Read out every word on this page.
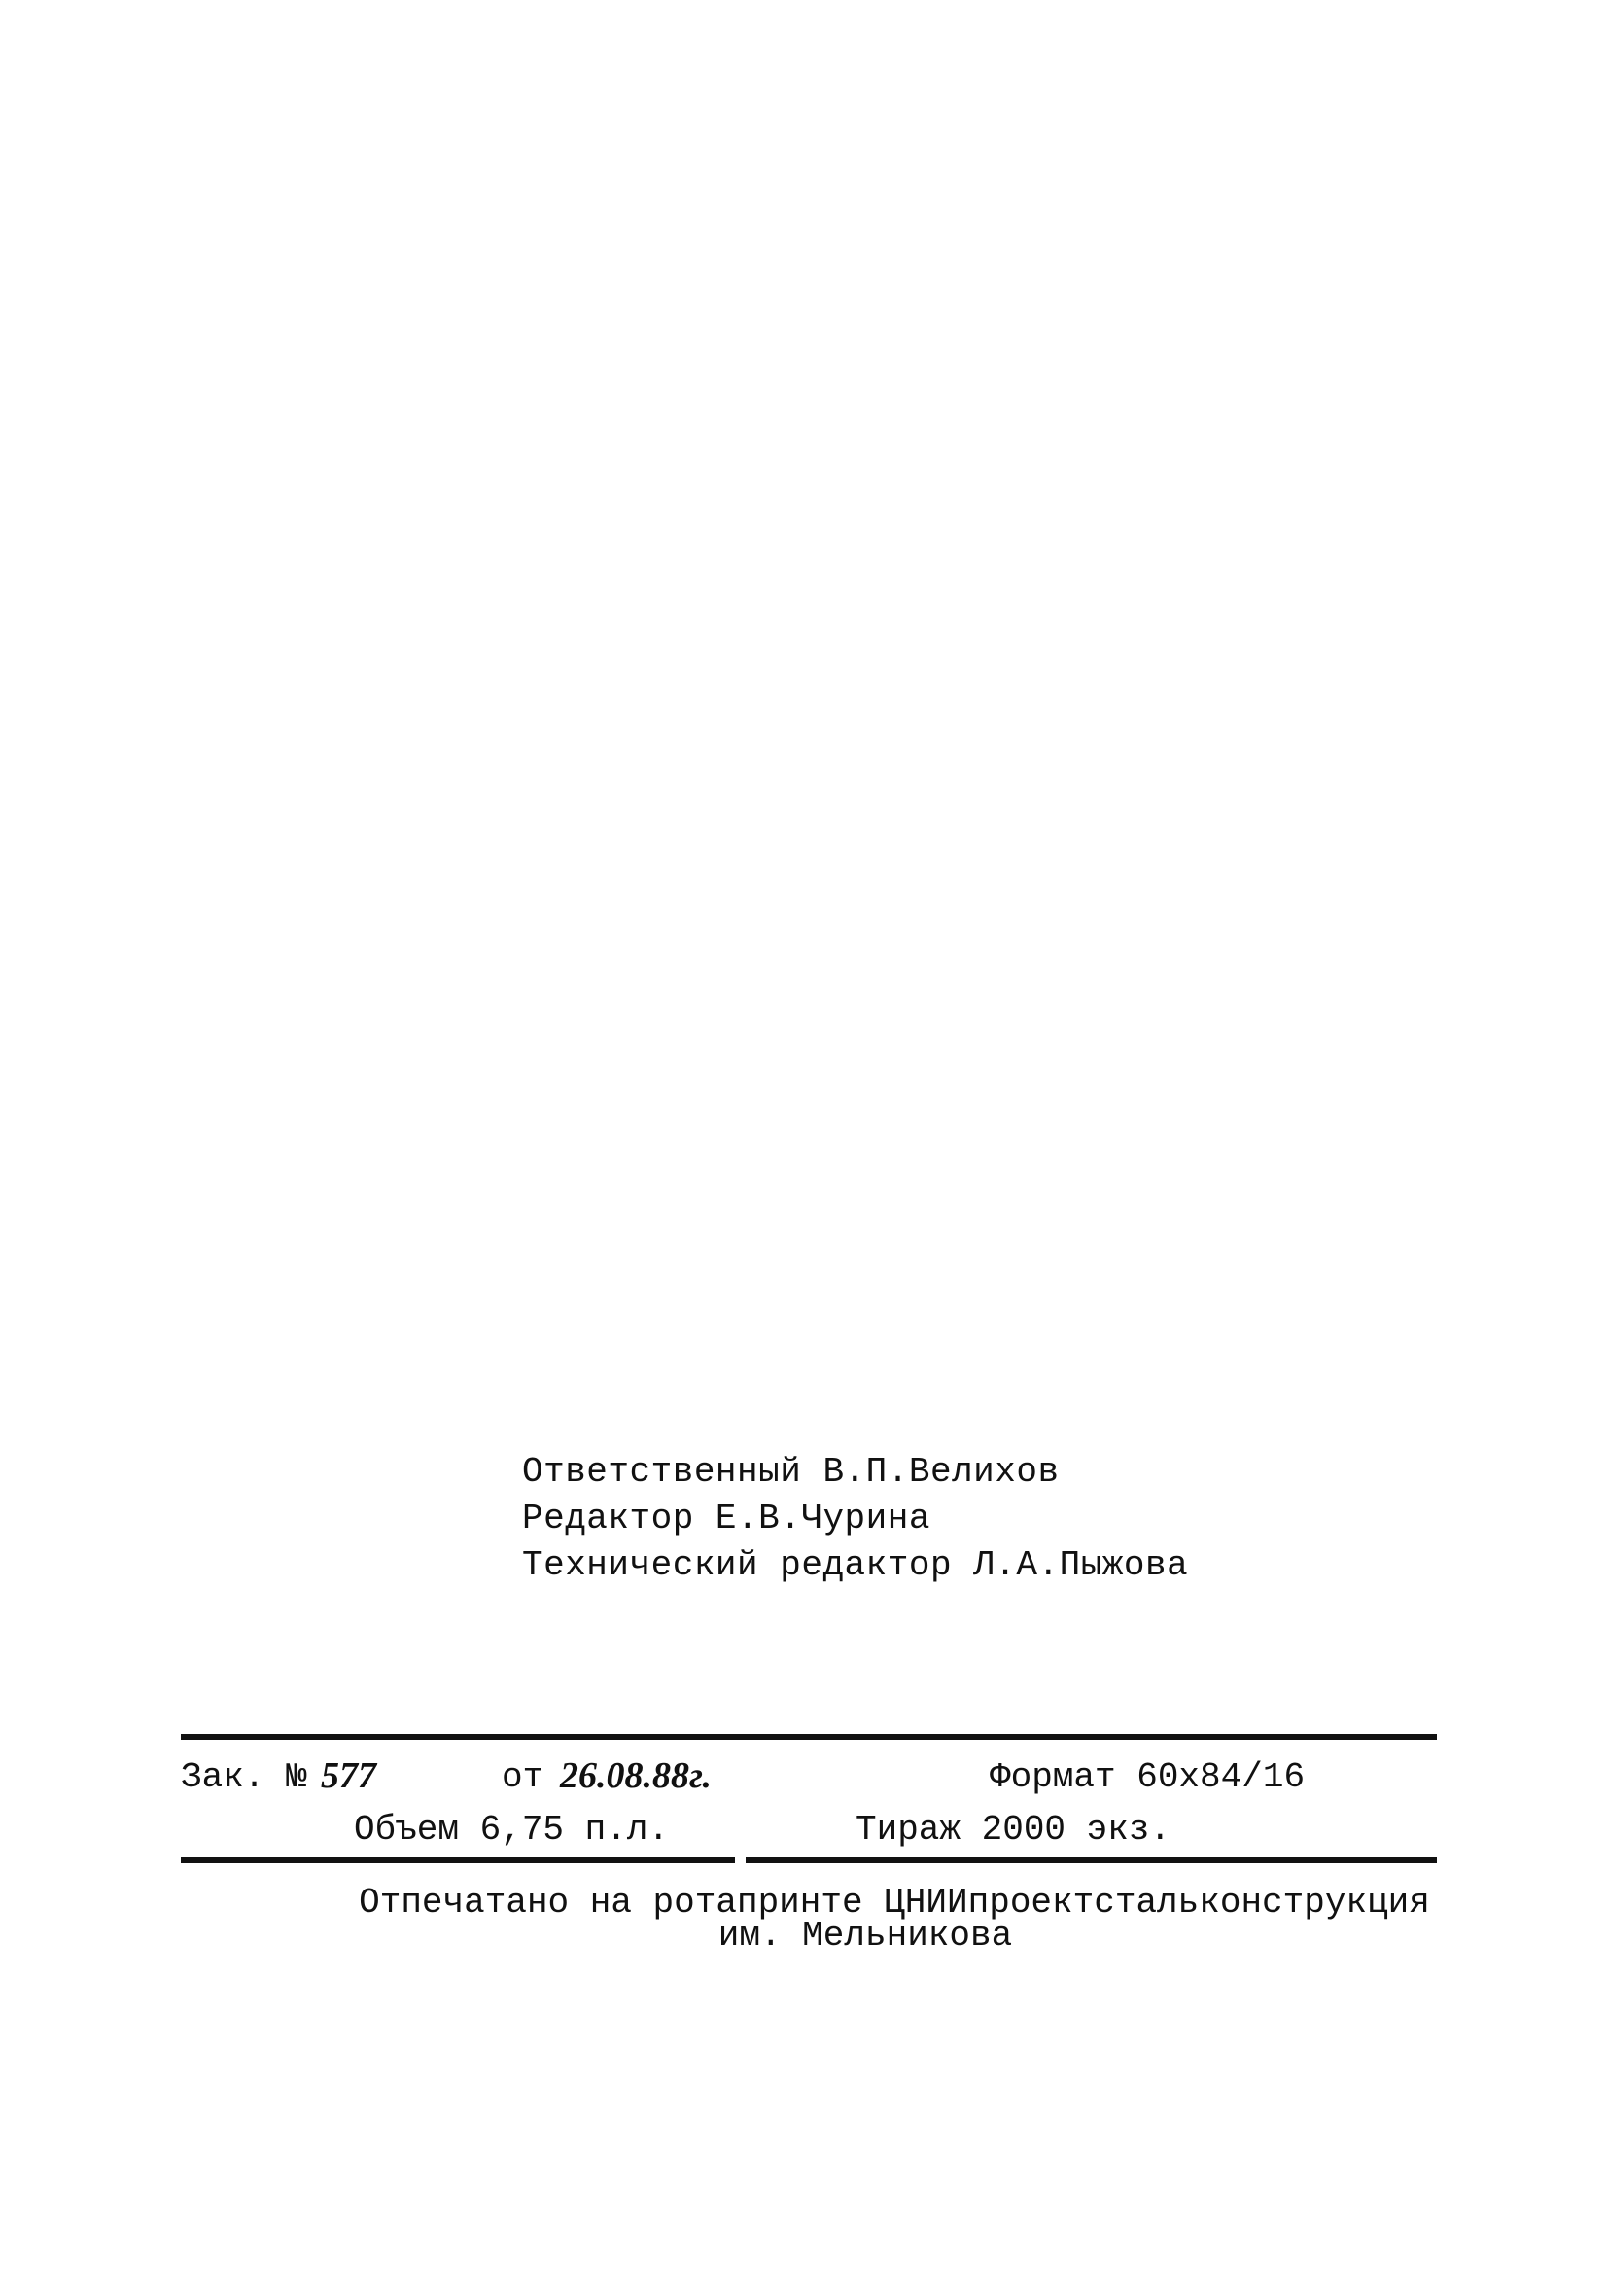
Ответственный В.П.Велихов
Редактор Е.В.Чурина
Технический редактор Л.А.Пыжова
Зак. № 577	от 26.08.88г.	Формат 60х84/16
Объем 6,75 п.л.	Тираж 2000 экз.
Отпечатано на ротапринте ЦНИИпроектстальконструкция
им. Мельникова
